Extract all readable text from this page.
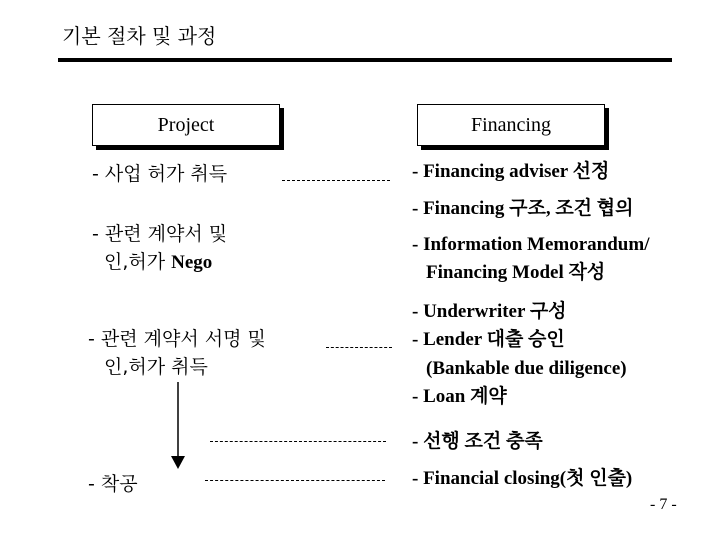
기본 절차 및 과정
Project	Financing
- 사업 허가 취득
- 관련 계약서 및
인,허가 Nego
- 관련 계약서 서명 및
인,허가 취득
- 착공
- Financing adviser 선정
- Financing 구조, 조건 협의
- Information Memorandum/
Financing Model 작성
- Underwriter 구성
- Lender 대출 승인
(Bankable due diligence)
- Loan 계약
- 선행 조건 충족
- Financial closing(첫 인출)
- 7 -
